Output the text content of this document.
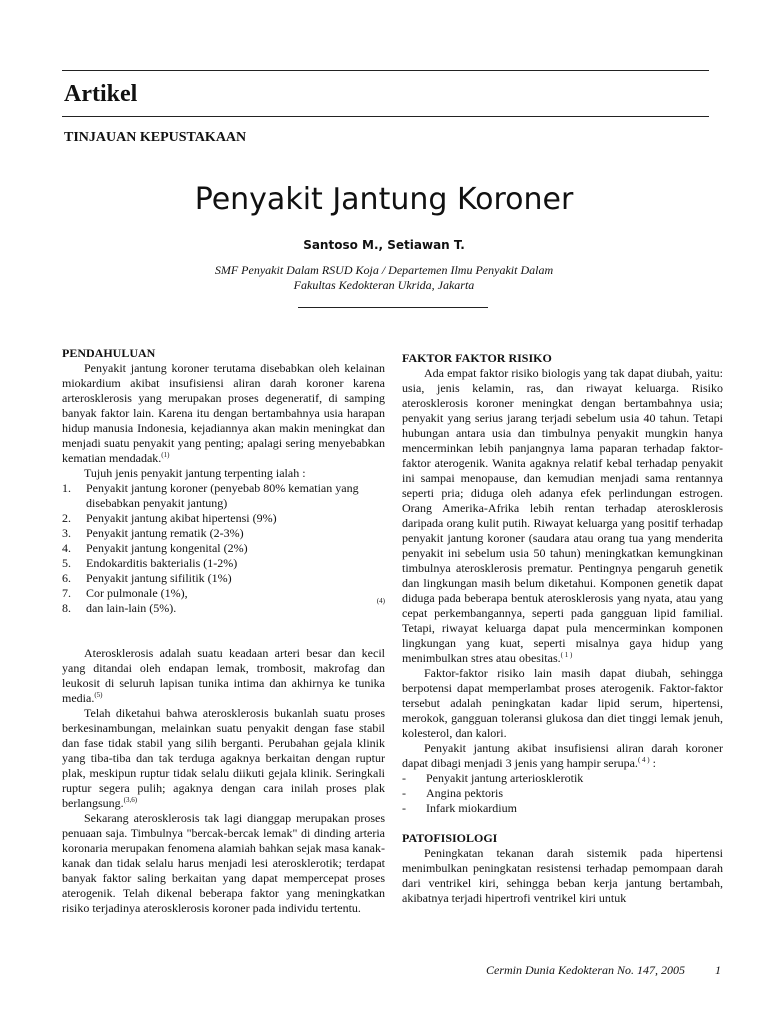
Artikel
TINJAUAN KEPUSTAKAAN
Penyakit Jantung Koroner
Santoso M., Setiawan T.
SMF Penyakit Dalam RSUD Koja / Departemen Ilmu Penyakit Dalam
Fakultas Kedokteran Ukrida, Jakarta
PENDAHULUAN

Penyakit jantung koroner terutama disebabkan oleh kelainan miokardium akibat insufisiensi aliran darah koroner karena arterosklerosis yang merupakan proses degeneratif, di samping banyak faktor lain. Karena itu dengan bertambahnya usia harapan hidup manusia Indonesia, kejadiannya akan makin meningkat dan menjadi suatu penyakit yang penting; apalagi sering menyebabkan kematian mendadak.$^{(1)}$

Tujuh jenis penyakit jantung terpenting ialah :

1.	Penyakit jantung koroner (penyebab 80% kematian yang disebabkan penyakit jantung)
2.	Penyakit jantung akibat hipertensi (9%)
3.	Penyakit jantung rematik (2-3%)
4.	Penyakit jantung kongenital (2%)
5.	Endokarditis bakterialis (1-2%)
6.	Penyakit jantung sifilitik (1%)
7.	Cor pulmonale (1%),
8.	dan lain-lain (5%).	(4)

Aterosklerosis adalah suatu keadaan arteri besar dan kecil yang ditandai oleh endapan lemak, trombosit, makrofag dan leukosit di seluruh lapisan tunika intima dan akhirnya ke tunika media.$^{(5)}$

Telah diketahui bahwa aterosklerosis bukanlah suatu proses berkesinambungan, melainkan suatu penyakit dengan fase stabil dan fase tidak stabil yang silih berganti. Perubahan gejala klinik yang tiba-tiba dan tak terduga agaknya berkaitan dengan ruptur plak, meskipun ruptur tidak selalu diikuti gejala klinik. Seringkali ruptur segera pulih; agaknya dengan cara inilah proses plak berlangsung.$^{(3,6)}$

Sekarang aterosklerosis tak lagi dianggap merupakan proses penuaan saja. Timbulnya "bercak-bercak lemak" di dinding arteria koronaria merupakan fenomena alamiah bahkan sejak masa kanak-kanak dan tidak selalu harus menjadi lesi aterosklerotik; terdapat banyak faktor saling berkaitan yang dapat mempercepat proses aterogenik. Telah dikenal beberapa faktor yang meningkatkan risiko terjadinya aterosklerosis koroner pada individu tertentu.

FAKTOR FAKTOR RISIKO

Ada empat faktor risiko biologis yang tak dapat diubah, yaitu: usia, jenis kelamin, ras, dan riwayat keluarga. Risiko aterosklerosis koroner meningkat dengan bertambahnya usia; penyakit yang serius jarang terjadi sebelum usia 40 tahun. Tetapi hubungan antara usia dan timbulnya penyakit mungkin hanya mencerminkan lebih panjangnya lama paparan terhadap faktor- faktor aterogenik. Wanita agaknya relatif kebal terhadap penyakit ini sampai menopause, dan kemudian menjadi sama rentannya seperti pria; diduga oleh adanya efek perlindungan estrogen. Orang Amerika-Afrika lebih rentan terhadap aterosklerosis daripada orang kulit putih. Riwayat keluarga yang positif terhadap penyakit jantung koroner (saudara atau orang tua yang menderita penyakit ini sebelum usia 50 tahun) meningkatkan kemungkinan timbulnya aterosklerosis prematur. Pentingnya pengaruh genetik dan lingkungan masih belum diketahui. Komponen genetik dapat diduga pada beberapa bentuk aterosklerosis yang nyata, atau yang cepat perkembangannya, seperti pada gangguan lipid familial. Tetapi, riwayat keluarga dapat pula mencerminkan komponen lingkungan yang kuat, seperti misalnya gaya hidup yang menimbulkan stres atau obesitas.$^{( 1 )}$

Faktor-faktor risiko lain masih dapat diubah, sehingga berpotensi dapat memperlambat proses aterogenik. Faktor-faktor tersebut adalah peningkatan kadar lipid serum, hipertensi, merokok, gangguan toleransi glukosa dan diet tinggi lemak jenuh, kolesterol, dan kalori.

Penyakit jantung akibat insufisiensi aliran darah koroner dapat dibagi menjadi 3 jenis yang hampir serupa.$^{( 4 )}$ :

-	Penyakit jantung arteriosklerotik
-	Angina pektoris
-	Infark miokardium
PATOFISIOLOGI

Peningkatan tekanan darah sistemik pada hipertensi menimbulkan peningkatan resistensi terhadap pemompaan darah dari ventrikel kiri, sehingga beban kerja jantung bertambah, akibatnya terjadi hipertrofi ventrikel kiri untuk

Cermin Dunia Kedokteran No. 147, 2005	1
